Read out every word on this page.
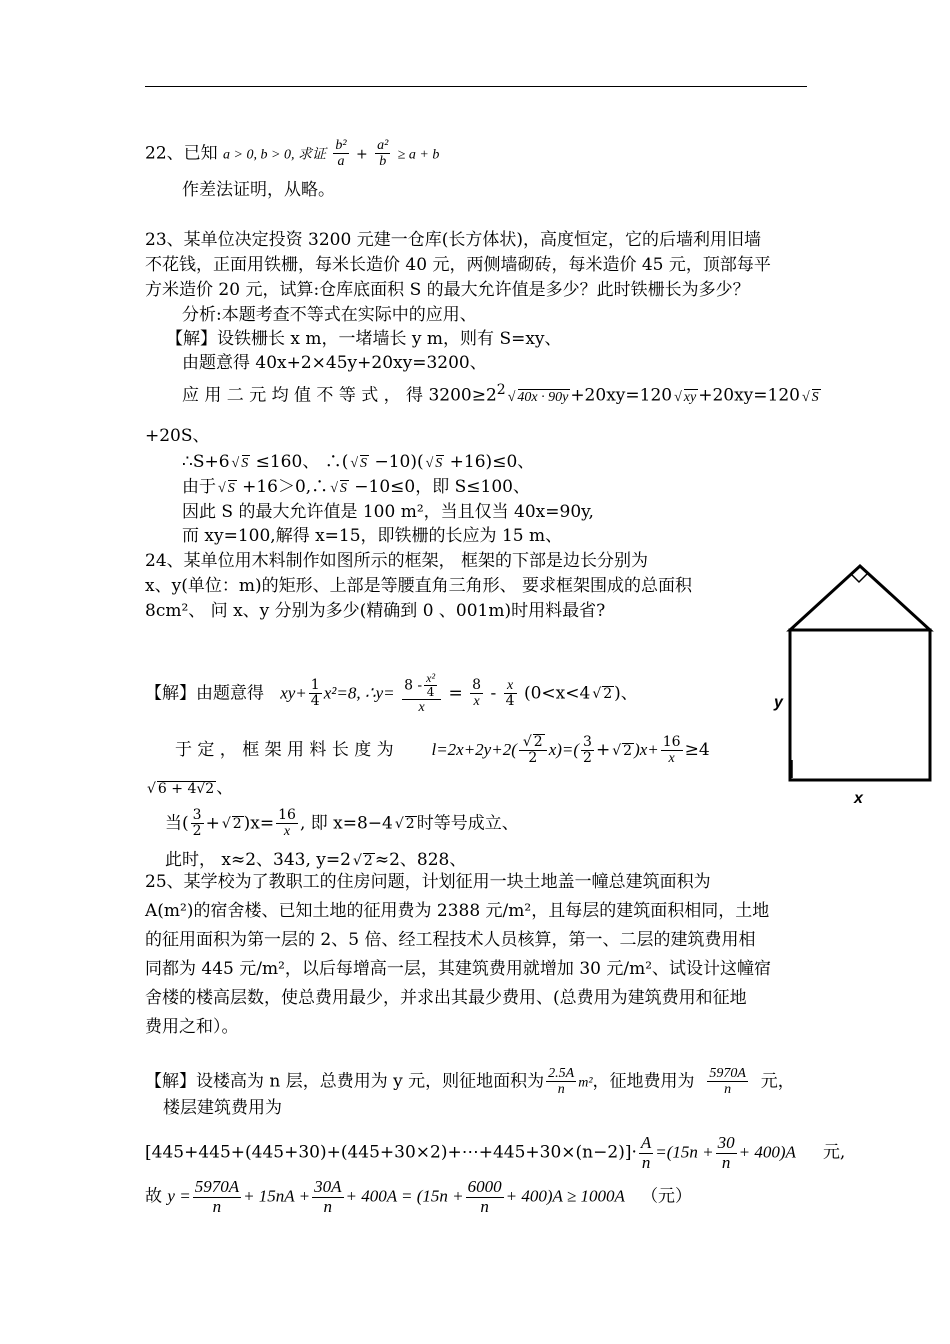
22、已知 a > 0, b > 0, 求证 $\frac{\text{b²}}{a} + \frac{\text{a²}}{b} \ge a + b$
作差法证明，从略。
23、某单位决定投资 3200 元建一仓库(长方体状)，高度恒定，它的后墙利用旧墙
不花钱，正面用铁栅，每米长造价 40 元，两侧墙砌砖，每米造价 45 元，顶部每平
方米造价 20 元，试算:仓库底面积 S 的最大允许值是多少？此时铁栅长为多少？
分析:本题考查不等式在实际中的应用、
【解】设铁栅长 x m，一堵墙长 y m，则有 S=xy、
由题意得 40x+2×45y+20xy=3200、
应 用 二 元 均 值 不 等 式 ， 得 $3200\ge 2^2√$ 40x · 90y +20xy=120√ xy +20xy=120√ S
+20S、
∴S+6√ S ≤160、 ∴(√ S −10)(√ S +16)≤0、
由于√ S +16＞0,∴√ S −10≤0，即 S≤100、
因此 S 的最大允许值是 100 m²，当且仅当 40x=90y,
而 xy=100,解得 x=15，即铁栅的长应为 15 m、
24、某单位用木料制作如图所示的框架， 框架的下部是边长分别为
x、y(单位：m)的矩形、上部是等腰直角三角形、 要求框架围成的总面积
8cm²、 问 x、y 分别为多少(精确到 0 、001m)时用料最省?
【解】由题意得 $xy+ \frac{1}{4} x^2=8$, ∴y= $\frac{8 - \frac{\text{x²}}{4}}{x} = \frac{8}{x} - \frac{x}{4} (0<x<4√$ 2 )、
于 定 ， 框 架 用 料 长 度 为 l=2x+2y+2(
√ $\frac{2}{2} x)=( \frac{3}{2}$ +√ 2 )$x+ \frac{16}{x} \ge 4$
√ 6 + 4√2 、
当( $\frac{3}{2}$ +√ 2 )$x= \frac{16}{x}$ , 即 x=8−4√ 2 时等号成立、
此时， x≈2、343, y=2√ 2 ≈2、828、
y
x
25、某学校为了教职工的住房问题，计划征用一块土地盖一幢总建筑面积为
A(m²)的宿舍楼、已知土地的征用费为 2388 元/m²，且每层的建筑面积相同，土地
的征用面积为第一层的 2、5 倍、经工程技术人员核算，第一、二层的建筑费用相
同都为 445 元/m²，以后每增高一层，其建筑费用就增加 30 元/m²、试设计这幢宿
舍楼的楼高层数，使总费用最少，并求出其最少费用、(总费用为建筑费用和征地
费用之和）。
【解】设楼高为 n 层，总费用为 y 元，则征地面积为 $\frac{2.5A}{n} m^2$，征地费用为 $\frac{5970A}{n}$ 元，
楼层建筑费用为
[445+445+(445+30)+(445+30×2)+⋯+445+30×(n−2)]· $\frac{A}{n} =(15n + \frac{30}{n} + 400)A$ 元,
故 $y = \frac{5970A}{n} + 15nA + \frac{30A}{n} + 400A = (15n + \frac{6000}{n} + 400)A \ge 1000A$ （元）
